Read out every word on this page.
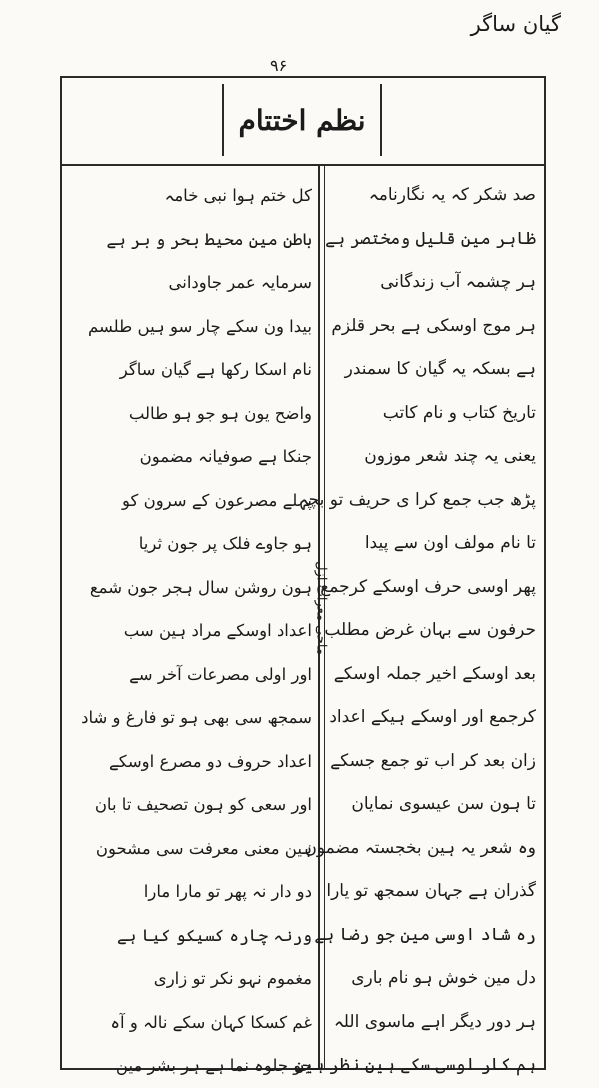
گیان ساگر
۹۶
نظم اختتام
ماحی معرات ازل
صد شکر کہ یہ نگارنامہ
ظاہر مین قلیل ومختصر ہے
ہر چشمہ آب زندگانی
ہر موج اوسکی ہے بحر قلزم
ہے بسکہ یہ گیان کا سمندر
تاریخ کتاب و نام کاتب
یعنی یہ چند شعر موزون
پڑھ جب جمع کرا ی حریف تو بچہ
تا نام مولف اون سے پیدا
پھر اوسی حرف اوسکے کرجمع
حرفون سے بہان غرض مطلب
بعد اوسکے اخیر جملہ اوسکے
کرجمع اور اوسکے ہیکے اعداد
زان بعد کر اب تو جمع جسکے
تا ہون سن عیسوی نمایان
وہ شعر یہ ہین بخجستہ مضمون
گذران ہے جہان سمجھ تو یارا
رہ شاد اوسی مین جو رضا ہے
دل مین خوش ہو نام باری
ہر دور دیگر اہے ماسوی اللہ
ہم کار اوسی سکے ہین نظر ہین
کل ختم ہوا نبی خامہ
باطن مین محیط بحر و بر ہے
سرمایہ عمر جاودانی
بیدا ون سکے چار سو ہیں طلسم
نام اسکا رکھا ہے گیان ساگر
واضح یون ہو جو ہو طالب
جنکا ہے صوفیانہ مضمون
پہلے مصرعون کے سرون کو
ہو جاوے فلک پر جون ثریا
ہون روشن سال ہجر جون شمع
اعداد اوسکے مراد ہین سب
اور اولی مصرعات آخر سے
سمجھ سی بھی ہو تو فارغ و شاد
اعداد حروف دو مصرع اوسکے
اور سعی کو ہون تصحیف تا بان
ہین معنی معرفت سی مشحون
دو دار نہ پھر تو مارا مارا
ورنہ چارہ کسیکو کیا ہے
مغموم نہو نکر تو زاری
غم کسکا کہان سکے نالہ و آہ
جو جلوہ نما ہے ہر بشر مین
